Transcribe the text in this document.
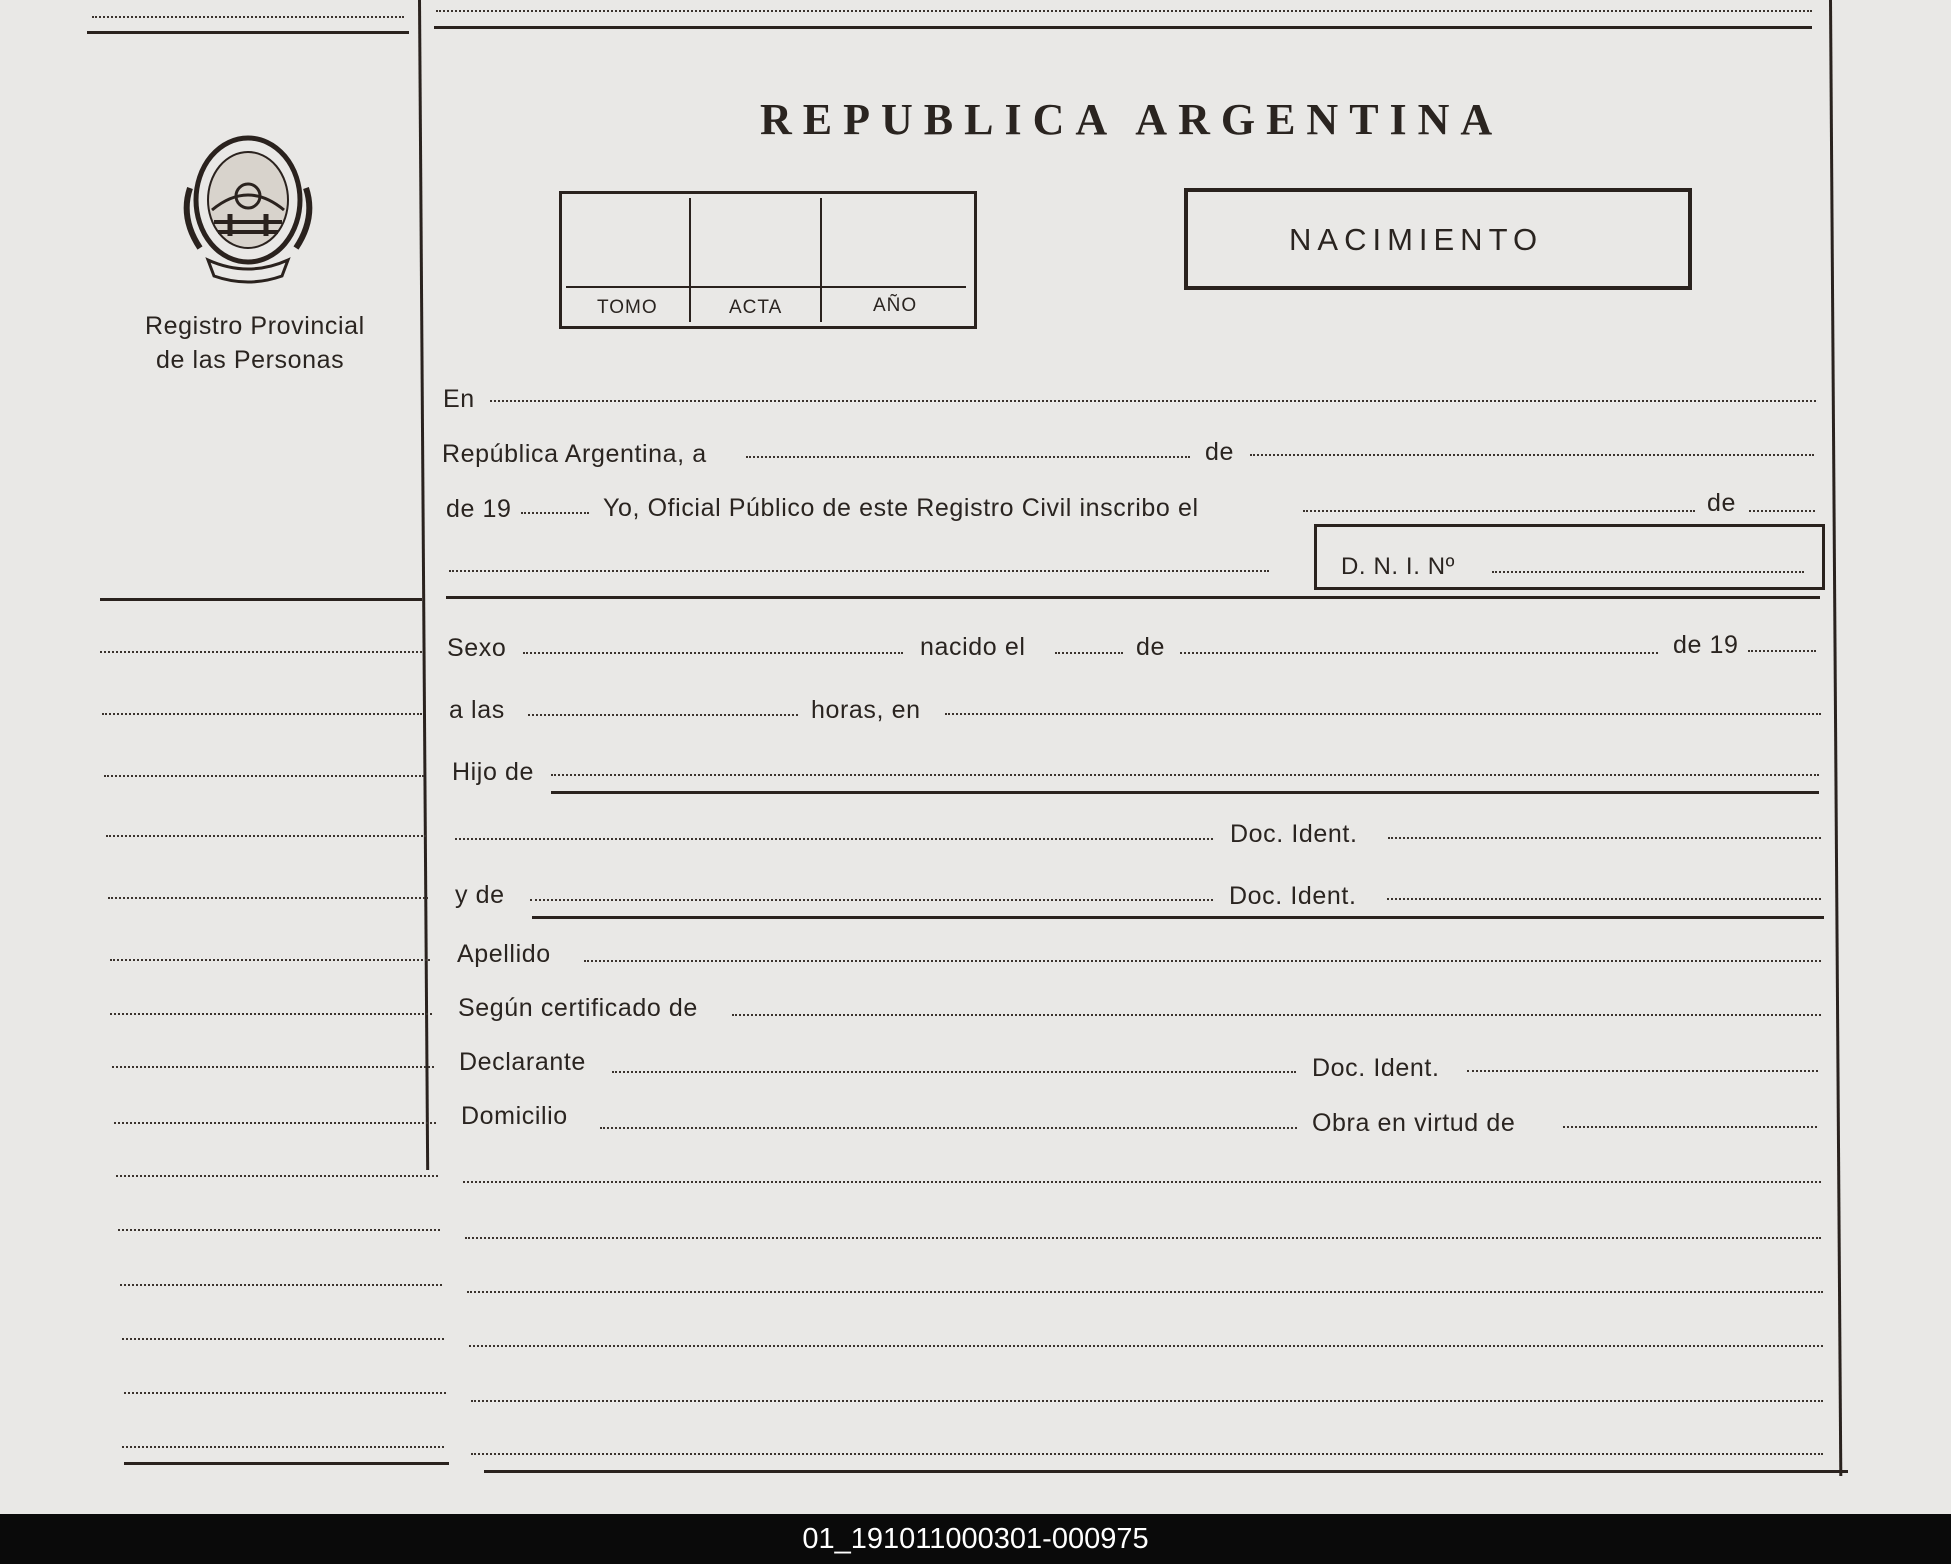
Registro Provincial
de las Personas
REPUBLICA ARGENTINA
TOMO	ACTA	AÑO
NACIMIENTO
En
República Argentina, a	de
de 19	Yo, Oficial Público de este Registro Civil inscribo el	de
D. N. I. Nº
Sexo	nacido el	de	de 19
a las	horas, en
Hijo de
Doc. Ident.
y de	Doc. Ident.
Apellido
Según certificado de
Declarante	Doc. Ident.
Domicilio	Obra en virtud de
01_191011000301-000975
